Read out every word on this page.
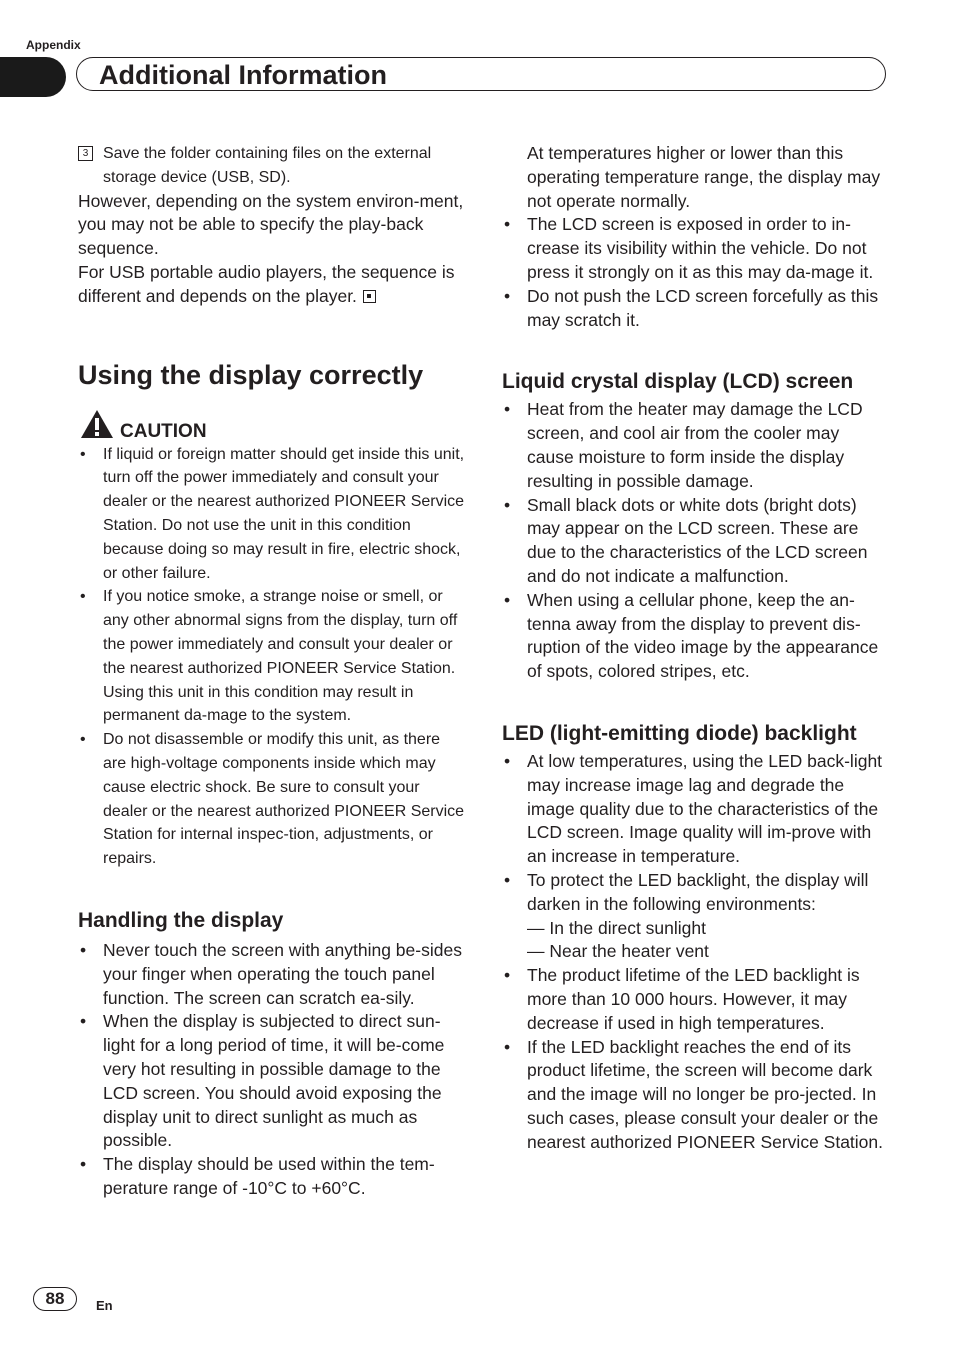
Appendix
Additional Information
3 Save the folder containing files on the external storage device (USB, SD).

However, depending on the system environ-ment, you may not be able to specify the play-back sequence.

For USB portable audio players, the sequence is different and depends on the player.

Using the display correctly
CAUTION
• If liquid or foreign matter should get inside this unit, turn off the power immediately and consult your dealer or the nearest authorized PIONEER Service Station. Do not use the unit in this condition because doing so may result in fire, electric shock, or other failure.
• If you notice smoke, a strange noise or smell, or any other abnormal signs from the display, turn off the power immediately and consult your dealer or the nearest authorized PIONEER Service Station. Using this unit in this condition may result in permanent da-mage to the system.
• Do not disassemble or modify this unit, as there are high-voltage components inside which may cause electric shock. Be sure to consult your dealer or the nearest authorized PIONEER Service Station for internal inspec-tion, adjustments, or repairs.
Handling the display
• Never touch the screen with anything be-sides your finger when operating the touch panel function. The screen can scratch ea-sily.
• When the display is subjected to direct sun-light for a long period of time, it will be-come very hot resulting in possible damage to the LCD screen. You should avoid exposing the display unit to direct sunlight as much as possible.
• The display should be used within the tem-perature range of -10°C to +60°C.

At temperatures higher or lower than this operating temperature range, the display may not operate normally.

• The LCD screen is exposed in order to in-crease its visibility within the vehicle. Do not press it strongly on it as this may da-mage it.
• Do not push the LCD screen forcefully as this may scratch it.
Liquid crystal display (LCD) screen
• Heat from the heater may damage the LCD screen, and cool air from the cooler may cause moisture to form inside the display resulting in possible damage.
• Small black dots or white dots (bright dots) may appear on the LCD screen. These are due to the characteristics of the LCD screen and do not indicate a malfunction.
• When using a cellular phone, keep the an-tenna away from the display to prevent dis-ruption of the video image by the appearance of spots, colored stripes, etc.
LED (light-emitting diode) backlight
• At low temperatures, using the LED back-light may increase image lag and degrade the image quality due to the characteristics of the LCD screen. Image quality will im-prove with an increase in temperature.
• To protect the LED backlight, the display will darken in the following environments:
— In the direct sunlight
— Near the heater vent
• The product lifetime of the LED backlight is more than 10 000 hours. However, it may decrease if used in high temperatures.
• If the LED backlight reaches the end of its product lifetime, the screen will become dark and the image will no longer be pro-jected. In such cases, please consult your dealer or the nearest authorized PIONEER Service Station.
88	En
